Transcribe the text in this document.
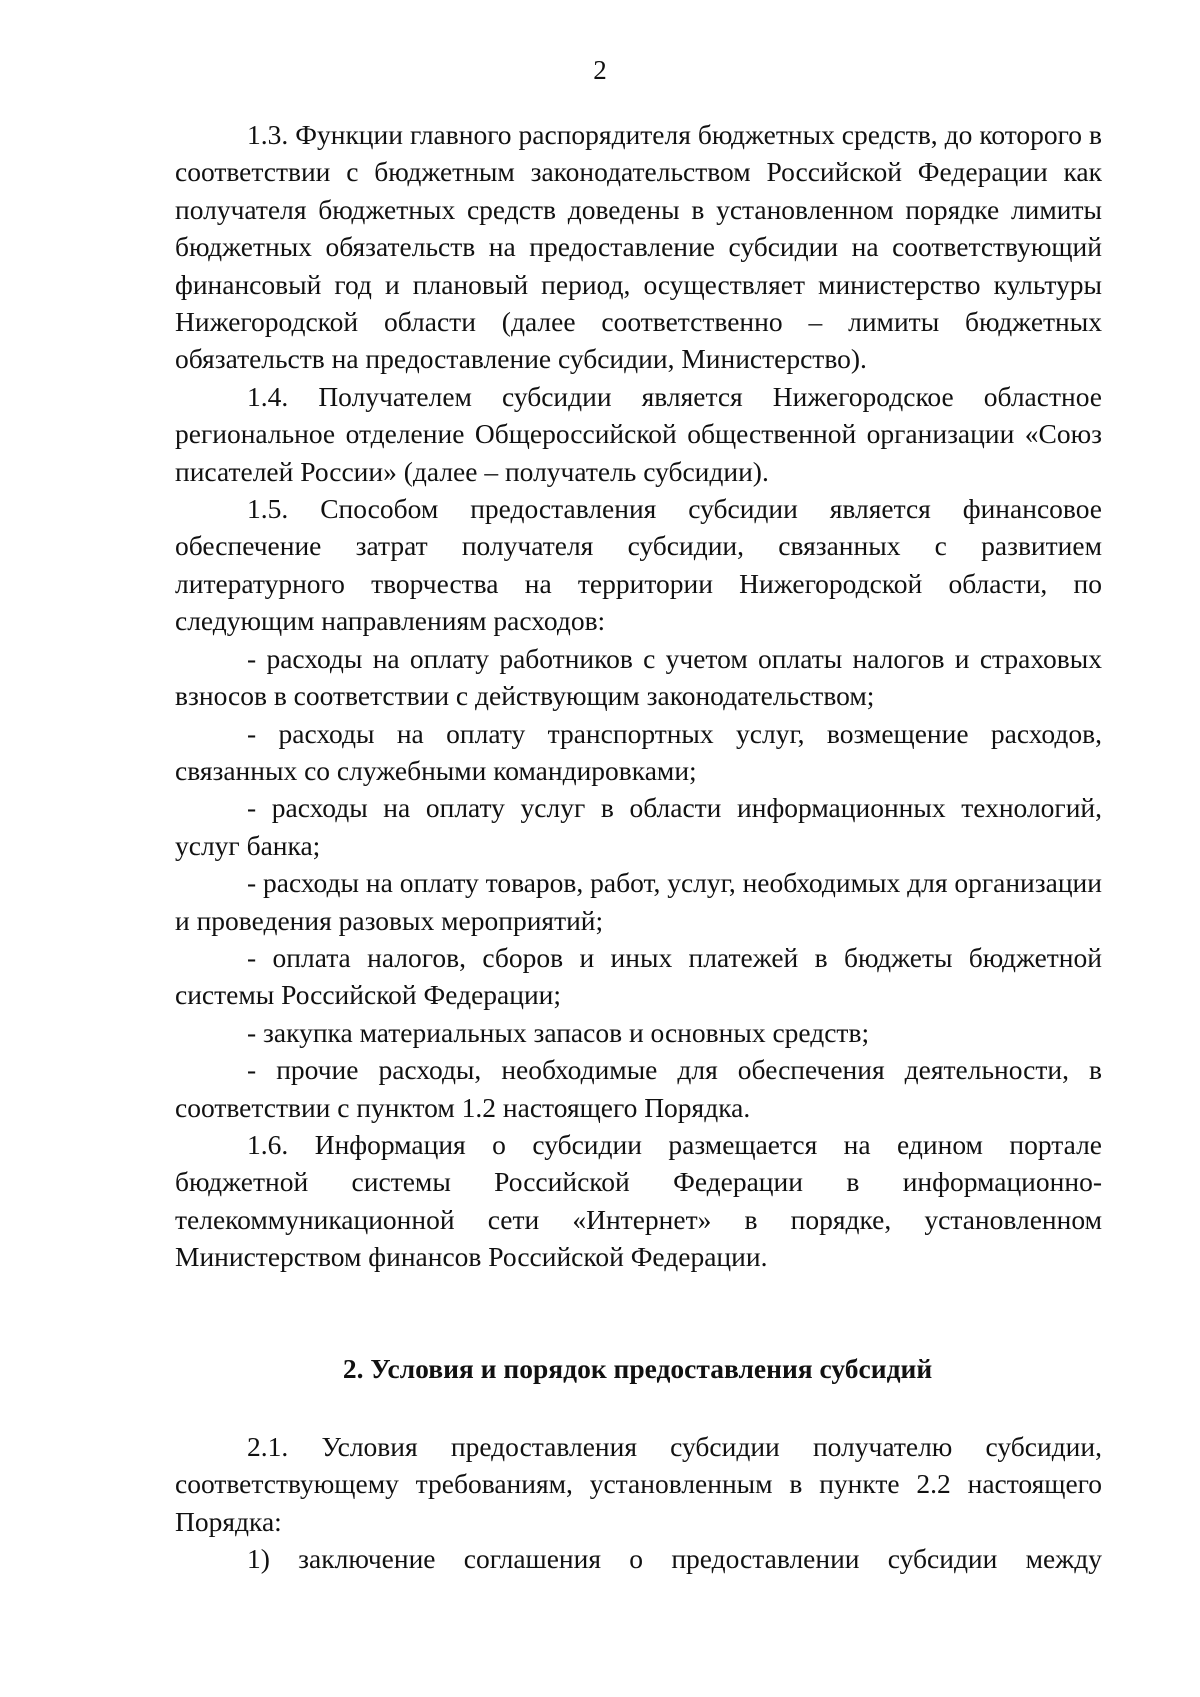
2

1.3. Функции главного распорядителя бюджетных средств, до которого в соответствии с бюджетным законодательством Российской Федерации как получателя бюджетных средств доведены в установленном порядке лимиты бюджетных обязательств на предоставление субсидии на соответствующий финансовый год и плановый период, осуществляет министерство культуры Нижегородской области (далее соответственно – лимиты бюджетных обязательств на предоставление субсидии, Министерство).

1.4. Получателем субсидии является Нижегородское областное региональное отделение Общероссийской общественной организации «Союз писателей России» (далее – получатель субсидии).

1.5. Способом предоставления субсидии является финансовое обеспечение затрат получателя субсидии, связанных с развитием литературного творчества на территории Нижегородской области, по следующим направлениям расходов:

- расходы на оплату работников с учетом оплаты налогов и страховых взносов в соответствии с действующим законодательством;

- расходы на оплату транспортных услуг, возмещение расходов, связанных со служебными командировками;

- расходы на оплату услуг в области информационных технологий, услуг банка;

- расходы на оплату товаров, работ, услуг, необходимых для организации и проведения разовых мероприятий;

- оплата налогов, сборов и иных платежей в бюджеты бюджетной системы Российской Федерации;

- закупка материальных запасов и основных средств;

- прочие расходы, необходимые для обеспечения деятельности, в соответствии с пунктом 1.2 настоящего Порядка.

1.6. Информация о субсидии размещается на едином портале бюджетной системы Российской Федерации в информационно-телекоммуникационной сети «Интернет» в порядке, установленном Министерством финансов Российской Федерации.

2. Условия и порядок предоставления субсидий

2.1. Условия предоставления субсидии получателю субсидии, соответствующему требованиям, установленным в пункте 2.2 настоящего Порядка:

1) заключение соглашения о предоставлении субсидии между
